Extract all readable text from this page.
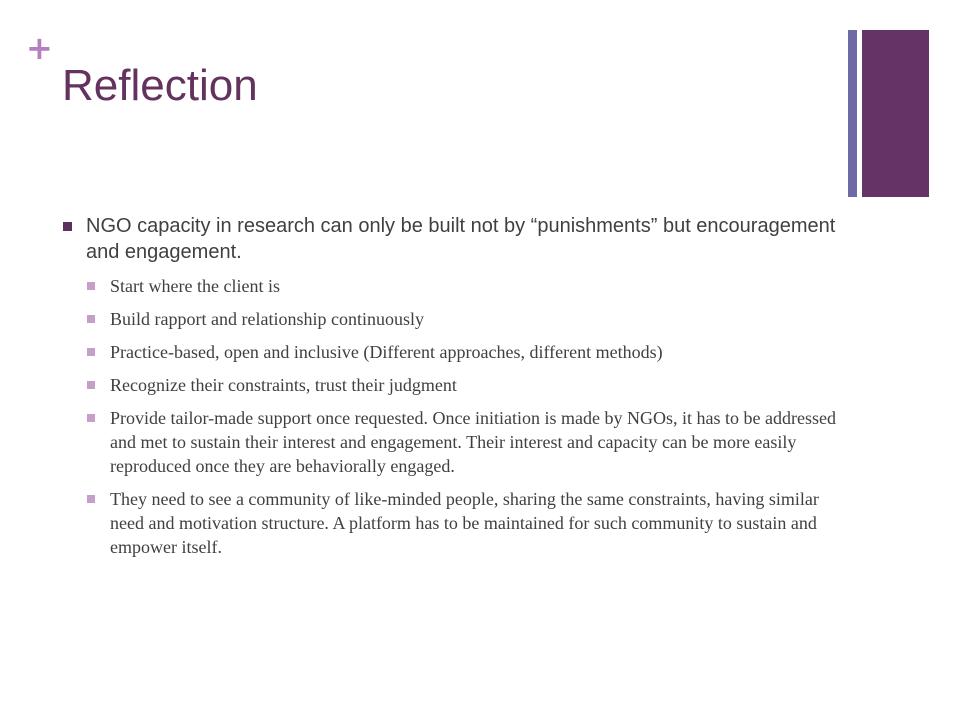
+
Reflection
NGO capacity in research can only be built not by “punishments” but encouragement and engagement.
Start where the client is
Build rapport and relationship continuously
Practice-based, open and inclusive (Different approaches, different methods)
Recognize their constraints, trust their judgment
Provide tailor-made support once requested. Once initiation is made by NGOs, it has to be addressed and met to sustain their interest and engagement. Their interest and capacity can be more easily reproduced once they are behaviorally engaged.
They need to see a community of like-minded people, sharing the same constraints, having similar need and motivation structure. A platform has to be maintained for such community to sustain and empower itself.
